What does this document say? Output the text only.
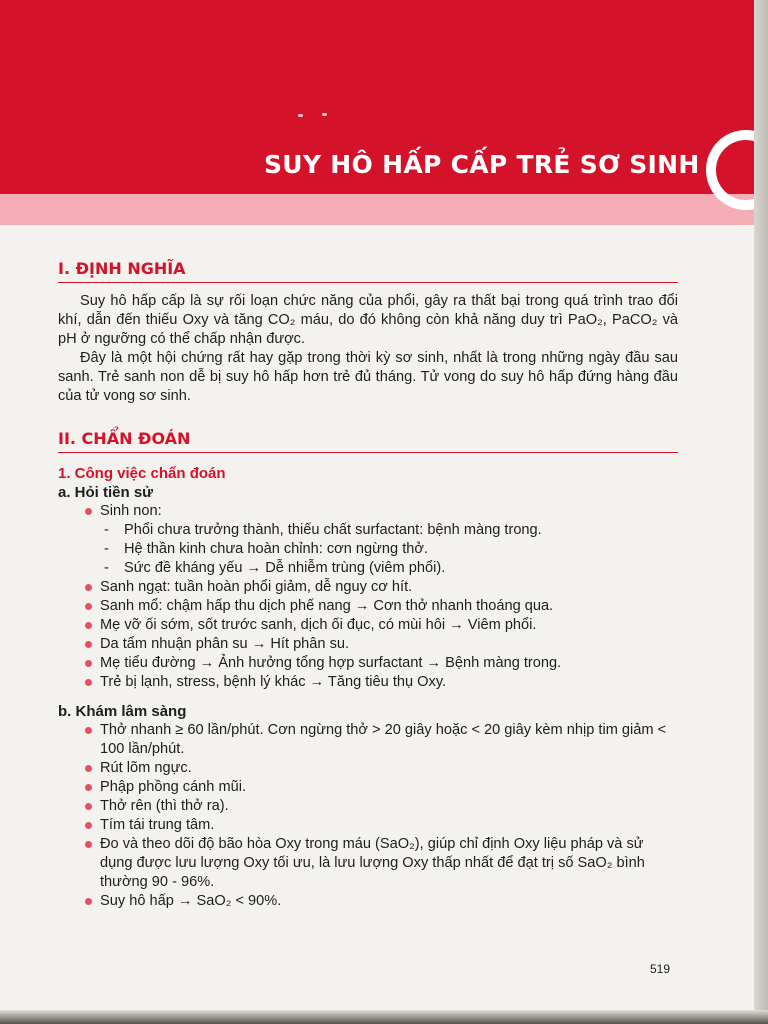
SUY HÔ HẤP CẤP TRẺ SƠ SINH
I. ĐỊNH NGHĨA

Suy hô hấp cấp là sự rối loạn chức năng của phổi, gây ra thất bại trong quá trình trao đổi khí, dẫn đến thiếu Oxy và tăng CO₂ máu, do đó không còn khả năng duy trì PaO₂, PaCO₂ và pH ở ngưỡng có thể chấp nhận được.

Đây là một hội chứng rất hay gặp trong thời kỳ sơ sinh, nhất là trong những ngày đầu sau sanh. Trẻ sanh non dễ bị suy hô hấp hơn trẻ đủ tháng. Tử vong do suy hô hấp đứng hàng đầu của tử vong sơ sinh.

II. CHẨN ĐOÁN

1. Công việc chẩn đoán

a. Hỏi tiền sử

Sinh non:
- Phổi chưa trưởng thành, thiếu chất surfactant: bệnh màng trong.
- Hệ thần kinh chưa hoàn chỉnh: cơn ngừng thở.
- Sức đề kháng yếu → Dễ nhiễm trùng (viêm phổi).
Sanh ngạt: tuần hoàn phổi giảm, dễ nguy cơ hít.
Sanh mổ: chậm hấp thu dịch phế nang → Cơn thở nhanh thoáng qua.
Mẹ vỡ ối sớm, sốt trước sanh, dịch ối đục, có mùi hôi → Viêm phổi.
Da tẩm nhuận phân su → Hít phân su.
Mẹ tiểu đường → Ảnh hưởng tổng hợp surfactant → Bệnh màng trong.
Trẻ bị lạnh, stress, bệnh lý khác → Tăng tiêu thụ Oxy.

b. Khám lâm sàng

Thở nhanh ≥ 60 lần/phút. Cơn ngừng thở > 20 giây hoặc < 20 giây kèm nhịp tim giảm < 100 lần/phút.
Rút lõm ngực.
Phập phồng cánh mũi.
Thở rên (thì thở ra).
Tím tái trung tâm.
Đo và theo dõi độ bão hòa Oxy trong máu (SaO₂), giúp chỉ định Oxy liệu pháp và sử dụng được lưu lượng Oxy tối ưu, là lưu lượng Oxy thấp nhất để đạt trị số SaO₂ bình thường 90 - 96%.
Suy hô hấp → SaO₂ < 90%.
519
